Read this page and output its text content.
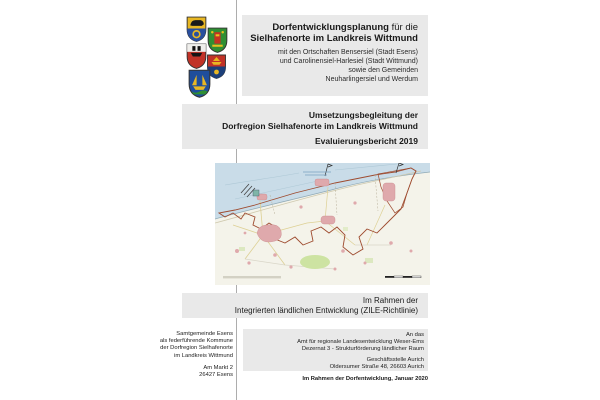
Dorfentwicklungsplanung für die
Sielhafenorte im Landkreis Wittmund
mit den Ortschaften Bensersiel (Stadt Esens)
und Carolinensiel-Harlesiel (Stadt Wittmund)
sowie den Gemeinden
Neuharlingersiel und Werdum
Umsetzungsbegleitung der
Dorfregion Sielhafenorte im Landkreis Wittmund
Evaluierungsbericht 2019
Im Rahmen der
Integrierten ländlichen Entwicklung (ZILE-Richtlinie)
Samtgemeinde Esens
als federführende Kommune
der Dorfregion Sielhafenorte
im Landkreis Wittmund
Am Markt 2
26427 Esens
An das
Amt für regionale Landesentwicklung Weser-Ems
Dezernat 3 - Strukturförderung ländlicher Raum
Geschäftsstelle Aurich
Oldersumer Straße 48, 26603 Aurich
Im Rahmen der Dorfentwicklung, Januar 2020
